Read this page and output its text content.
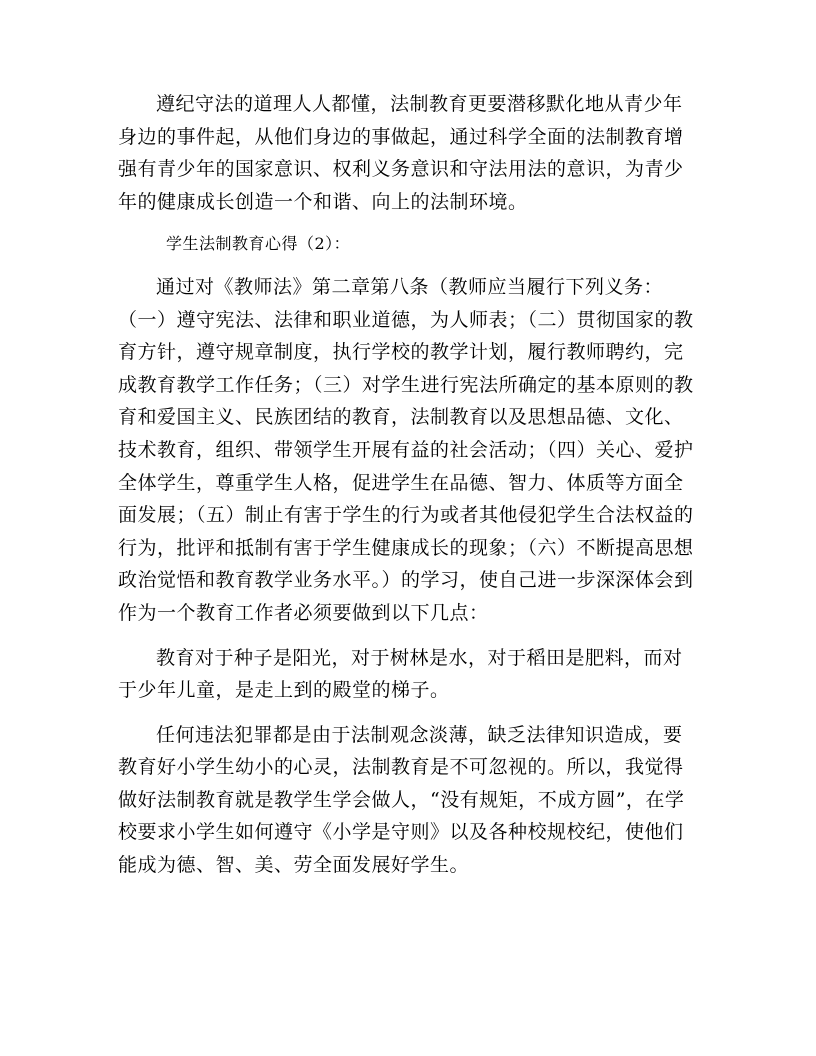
遵纪守法的道理人人都懂，法制教育更要潜移默化地从青少年身边的事件起，从他们身边的事做起，通过科学全面的法制教育增强有青少年的国家意识、权利义务意识和守法用法的意识，为青少年的健康成长创造一个和谐、向上的法制环境。

学生法制教育心得（2）：

通过对《教师法》第二章第八条（教师应当履行下列义务：（一）遵守宪法、法律和职业道德，为人师表；（二）贯彻国家的教育方针，遵守规章制度，执行学校的教学计划，履行教师聘约，完成教育教学工作任务；（三）对学生进行宪法所确定的基本原则的教育和爱国主义、民族团结的教育，法制教育以及思想品德、文化、技术教育，组织、带领学生开展有益的社会活动；（四）关心、爱护全体学生，尊重学生人格，促进学生在品德、智力、体质等方面全面发展；（五）制止有害于学生的行为或者其他侵犯学生合法权益的行为，批评和抵制有害于学生健康成长的现象；（六）不断提高思想政治觉悟和教育教学业务水平。）的学习，使自己进一步深深体会到作为一个教育工作者必须要做到以下几点：

教育对于种子是阳光，对于树林是水，对于稻田是肥料，而对于少年儿童，是走上到的殿堂的梯子。

任何违法犯罪都是由于法制观念淡薄，缺乏法律知识造成，要教育好小学生幼小的心灵，法制教育是不可忽视的。所以，我觉得做好法制教育就是教学生学会做人，“没有规矩，不成方圆”，在学校要求小学生如何遵守《小学是守则》以及各种校规校纪，使他们能成为德、智、美、劳全面发展好学生。
